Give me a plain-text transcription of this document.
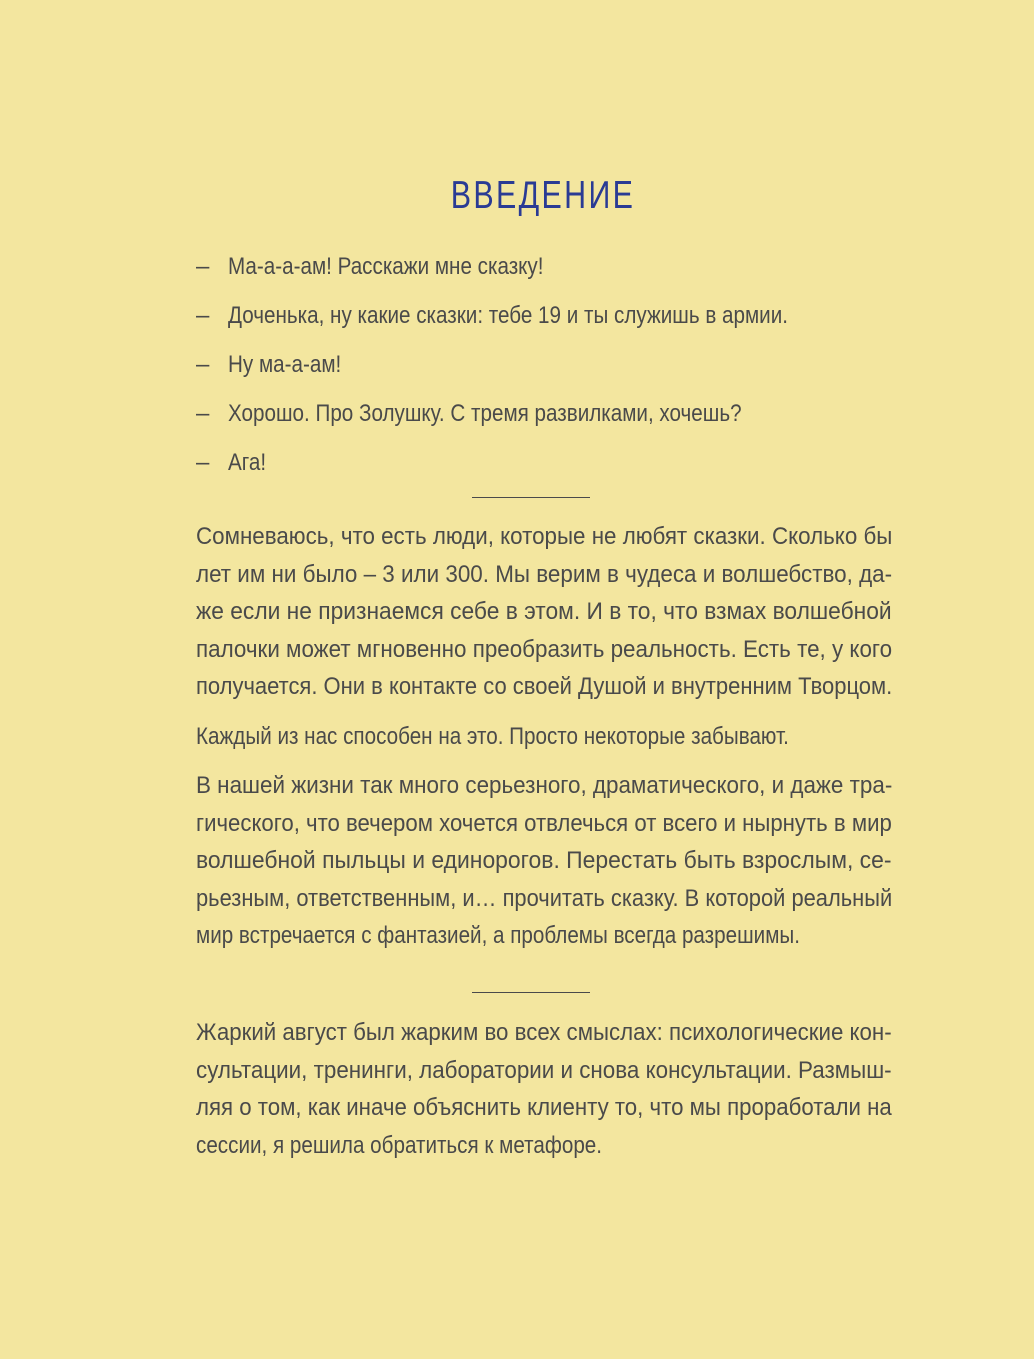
ВВЕДЕНИЕ
– Ма-а-а-ам! Расскажи мне сказку!
– Доченька, ну какие сказки: тебе 19 и ты служишь в армии.
– Ну ма-а-ам!
– Хорошо. Про Золушку. С тремя развилками, хочешь?
– Ага!
Сомневаюсь, что есть люди, которые не любят сказки. Сколько бы
лет им ни было – 3 или 300. Мы верим в чудеса и волшебство, да-
же если не признаемся себе в этом. И в то, что взмах волшебной
палочки может мгновенно преобразить реальность. Есть те, у кого
получается. Они в контакте со своей Душой и внутренним Творцом.
Каждый из нас способен на это. Просто некоторые забывают.
В нашей жизни так много серьезного, драматического, и даже тра-
гического, что вечером хочется отвлечься от всего и нырнуть в мир
волшебной пыльцы и единорогов. Перестать быть взрослым, се-
рьезным, ответственным, и… прочитать сказку. В которой реальный
мир встречается с фантазией, а проблемы всегда разрешимы.
Жаркий август был жарким во всех смыслах: психологические кон-
сультации, тренинги, лаборатории и снова консультации. Размыш-
ляя о том, как иначе объяснить клиенту то, что мы проработали на
сессии, я решила обратиться к метафоре.
